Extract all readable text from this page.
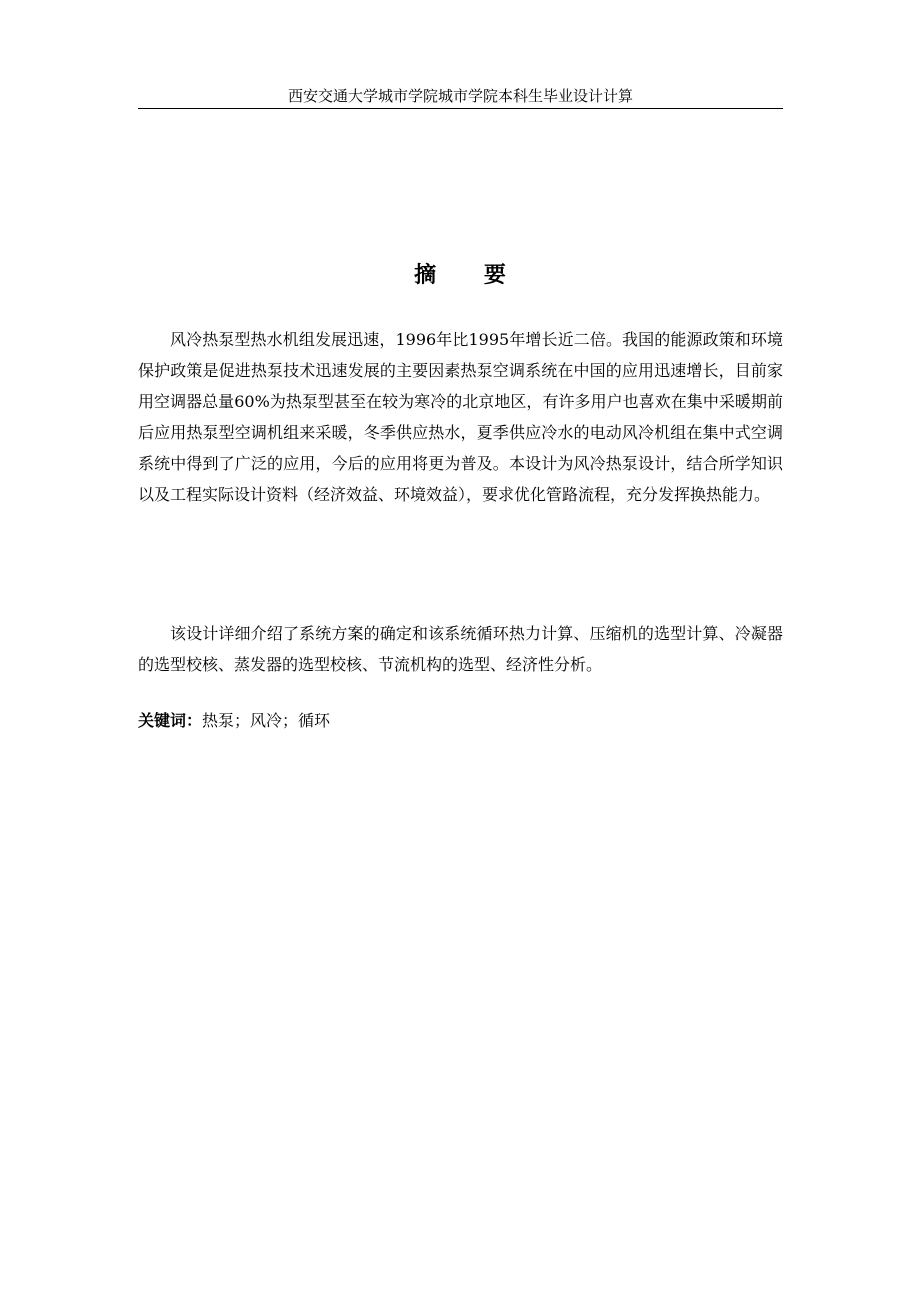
西安交通大学城市学院城市学院本科生毕业设计计算
摘 要

风冷热泵型热水机组发展迅速，1996年比1995年增长近二倍。我国的能源政策和环境保护政策是促进热泵技术迅速发展的主要因素热泵空调系统在中国的应用迅速增长，目前家用空调器总量60%为热泵型甚至在较为寒冷的北京地区，有许多用户也喜欢在集中采暖期前后应用热泵型空调机组来采暖，冬季供应热水，夏季供应冷水的电动风冷机组在集中式空调系统中得到了广泛的应用，今后的应用将更为普及。本设计为风冷热泵设计，结合所学知识以及工程实际设计资料（经济效益、环境效益），要求优化管路流程，充分发挥换热能力。

该设计详细介绍了系统方案的确定和该系统循环热力计算、压缩机的选型计算、冷凝器的选型校核、蒸发器的选型校核、节流机构的选型、经济性分析。

关键词：热泵；风冷；循环
